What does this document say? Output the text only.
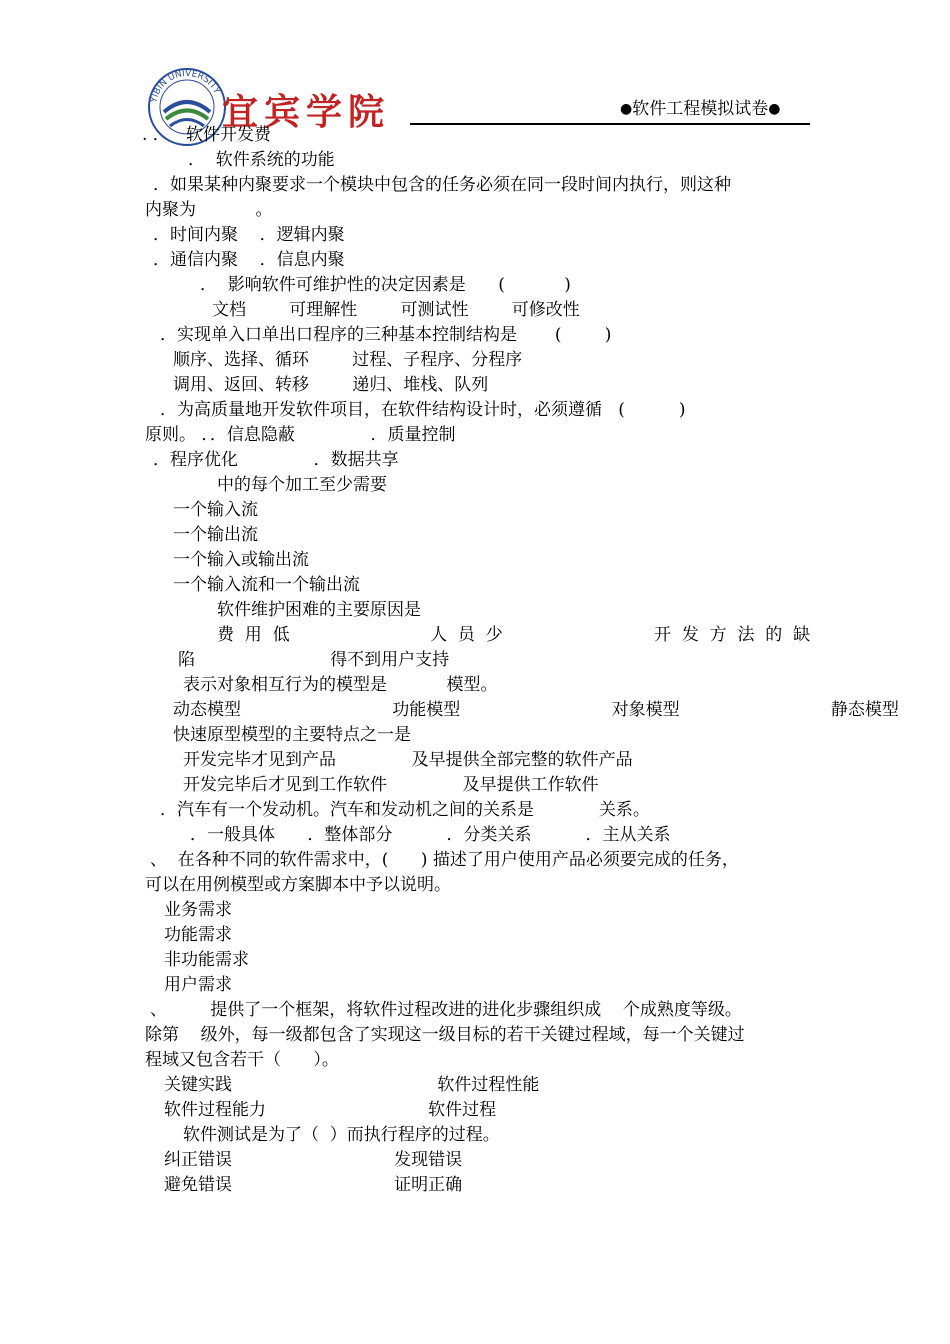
YIBIN UNIVERSITY
宜宾学院	●软件工程模拟试卷●
. ．   软件开发费
．  软件系统的功能
．如果某种内聚要求一个模块中包含的任务必须在同一段时间内执行，则这种
内聚为           。
．时间内聚    ．逻辑内聚
．通信内聚    ．信息内聚
．  影响软件可维护性的决定因素是      (           )
文档        可理解性        可测试性        可修改性
．实现单入口单出口程序的三种基本控制结构是       (        )
顺序、选择、循环        过程、子程序、分程序
调用、返回、转移        递归、堆栈、队列
．为高质量地开发软件项目，在软件结构设计时，必须遵循   (          )
原则。 ．．信息隐蔽              ．质量控制
．程序优化              ．数据共享
中的每个加工至少需要
一个输入流
一个输出流
一个输入或输出流
一个输入流和一个输出流
软件维护困难的主要原因是
费  用  低                          人  员  少                            开  发  方  法  的  缺
陷                         得不到用户支持
表示对象相互行为的模型是           模型。
动态模型                            功能模型                            对象模型                            静态模型
快速原型模型的主要特点之一是
开发完毕才见到产品              及早提供全部完整的软件产品
开发完毕后才见到工作软件              及早提供工作软件
．汽车有一个发动机。汽车和发动机之间的关系是            关系。
．一般具体      ．整体部分          ．分类关系          ．主从关系
、  在各种不同的软件需求中，(      ) 描述了用户使用产品必须要完成的任务，
可以在用例模型或方案脚本中予以说明。
业务需求
功能需求
非功能需求
用户需求
、        提供了一个框架，将软件过程改进的进化步骤组织成    个成熟度等级。
除第    级外，每一级都包含了实现这一级目标的若干关键过程域，每一个关键过
程域又包含若干（      ）。
关键实践                                      软件过程性能
软件过程能力                              软件过程
软件测试是为了（  ）而执行程序的过程。
纠正错误                              发现错误
避免错误                              证明正确
